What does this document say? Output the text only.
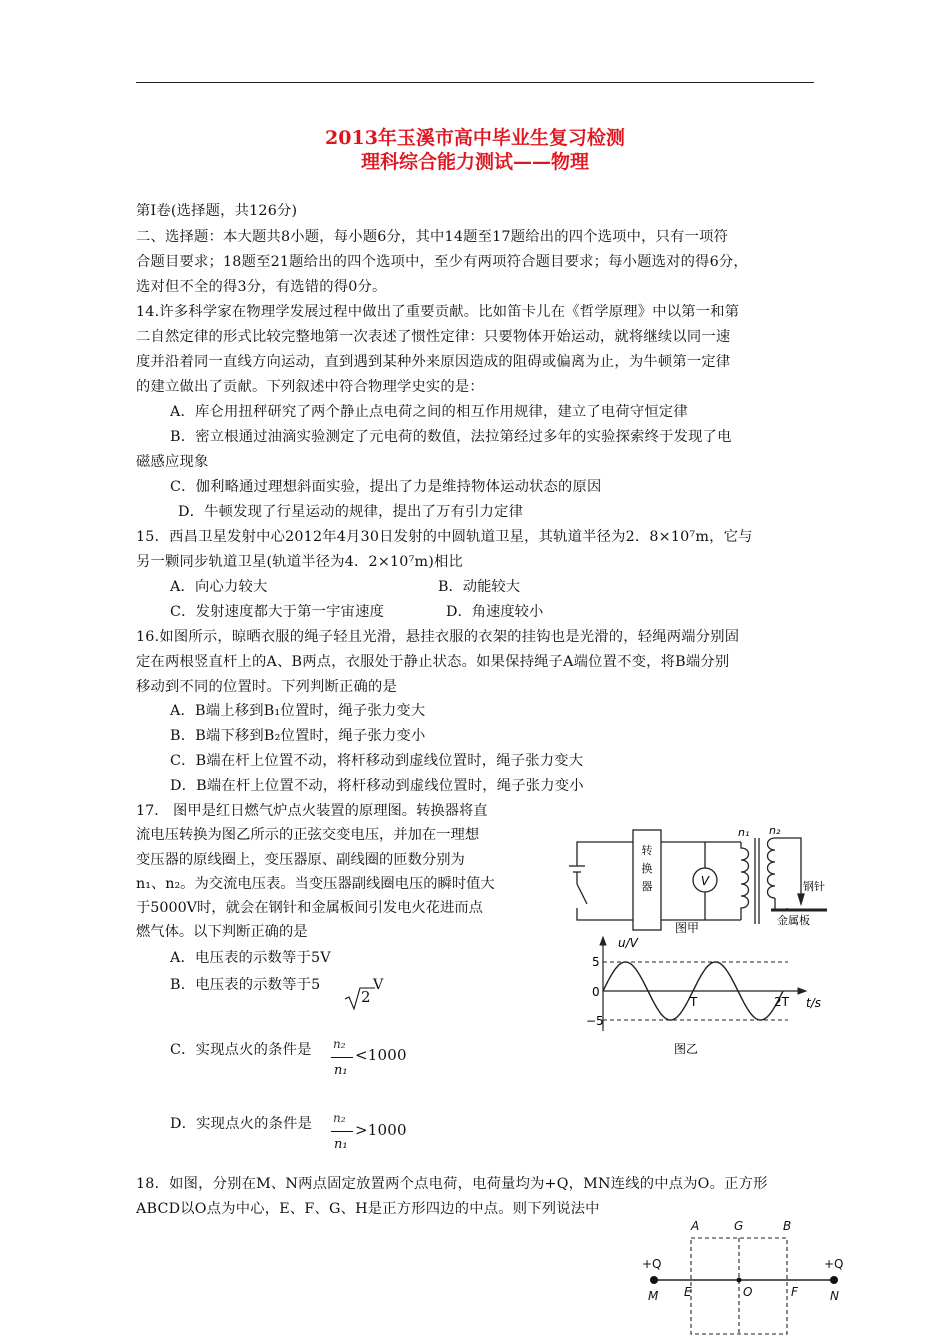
2013年玉溪市高中毕业生复习检测
理科综合能力测试——物理
第Ⅰ卷(选择题，共126分)
二、选择题：本大题共8小题，每小题6分，其中14题至17题给出的四个选项中，只有一项符
合题目要求；18题至21题给出的四个选项中，至少有两项符合题目要求；每小题选对的得6分，
选对但不全的得3分，有选错的得0分。
14.许多科学家在物理学发展过程中做出了重要贡献。比如笛卡儿在《哲学原理》中以第一和第
二自然定律的形式比较完整地第一次表述了惯性定律：只要物体开始运动，就将继续以同一速
度并沿着同一直线方向运动，直到遇到某种外来原因造成的阻碍或偏离为止，为牛顿第一定律
的建立做出了贡献。下列叙述中符合物理学史实的是：
A．库仑用扭秤研究了两个静止点电荷之间的相互作用规律，建立了电荷守恒定律
B．密立根通过油滴实验测定了元电荷的数值，法拉第经过多年的实验探索终于发现了电
磁感应现象
C．伽利略通过理想斜面实验，提出了力是维持物体运动状态的原因
D．牛顿发现了行星运动的规律，提出了万有引力定律
15．西昌卫星发射中心2012年4月30日发射的中圆轨道卫星，其轨道半径为2．8×10⁷m，它与
另一颗同步轨道卫星(轨道半径为4．2×10⁷m)相比
A．向心力较大	B．动能较大
C．发射速度都大于第一宇宙速度	D．角速度较小
16.如图所示，晾晒衣服的绳子轻且光滑，悬挂衣服的衣架的挂钩也是光滑的，轻绳两端分别固
定在两根竖直杆上的A、B两点，衣服处于静止状态。如果保持绳子A端位置不变，将B端分别
移动到不同的位置时。下列判断正确的是
A．B端上移到B₁位置时，绳子张力变大
B．B端下移到B₂位置时，绳子张力变小
C．B端在杆上位置不动，将杆移动到虚线位置时，绳子张力变大
D．B端在杆上位置不动，将杆移动到虚线位置时，绳子张力变小
17． 图甲是红日燃气炉点火装置的原理图。转换器将直
流电压转换为图乙所示的正弦交变电压，并加在一理想
变压器的原线圈上，变压器原、副线圈的匝数分别为
n₁、n₂。为交流电压表。当变压器副线圈电压的瞬时值大
于5000V时，就会在钢针和金属板间引发电火花进而点
燃气体。以下判断正确的是
A．电压表的示数等于5V
B．电压表的示数等于5
2
V
C．实现点火的条件是 n₂
n₁
<1000
D．实现点火的条件是 n₂
n₁
>1000
转
换
器	V
n₁ n₂
钢针
金属板
图甲
u/V
t/s
5
0
−5
T	2T
图乙
18．如图，分别在M、N两点固定放置两个点电荷，电荷量均为+Q，MN连线的中点为O。正方形
ABCD以O点为中心，E、F、G、H是正方形四边的中点。则下列说法中
+Q	+Q
M	N
A	G	B
E	O	F
